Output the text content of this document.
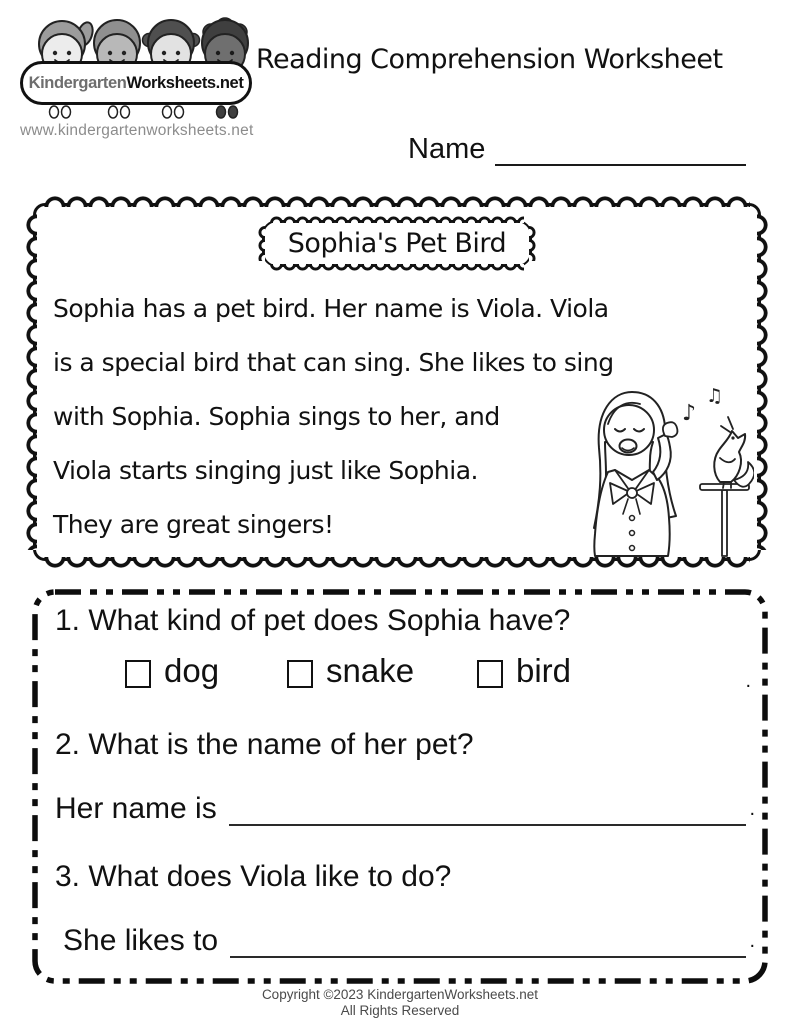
Kindergarten Worksheets.net
www.kindergartenworksheets.net
Reading Comprehension Worksheet
Name
Sophia's Pet Bird
Sophia has a pet bird. Her name is Viola. Viola
is a special bird that can sing. She likes to sing
with Sophia. Sophia sings to her, and
Viola starts singing just like Sophia.
They are great singers!
♪
♫

1. What kind of pet does Sophia have?

dog	snake	bird	.

2. What is the name of her pet?

Her name is	.

3. What does Viola like to do?

She likes to	.
Copyright ©2023 KindergartenWorksheets.net
All Rights Reserved
